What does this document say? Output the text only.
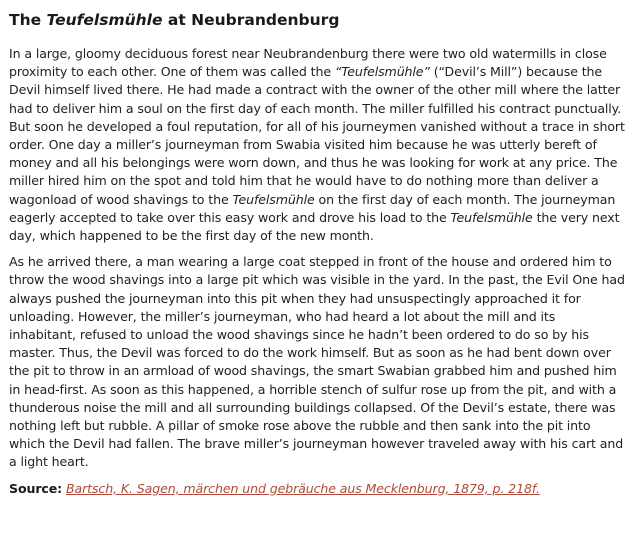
The Teufelsmühle at Neubrandenburg

In a large, gloomy deciduous forest near Neubrandenburg there were two old watermills in close proximity to each other. One of them was called the “Teufelsmühle” (“Devil’s Mill”) because the Devil himself lived there. He had made a contract with the owner of the other mill where the latter had to deliver him a soul on the first day of each month. The miller fulfilled his contract punctually. But soon he developed a foul reputation, for all of his journeymen vanished without a trace in short order. One day a miller’s journeyman from Swabia visited him because he was utterly bereft of money and all his belongings were worn down, and thus he was looking for work at any price. The miller hired him on the spot and told him that he would have to do nothing more than deliver a wagonload of wood shavings to the Teufelsmühle on the first day of each month. The journeyman eagerly accepted to take over this easy work and drove his load to the Teufelsmühle the very next day, which happened to be the first day of the new month.

As he arrived there, a man wearing a large coat stepped in front of the house and ordered him to throw the wood shavings into a large pit which was visible in the yard. In the past, the Evil One had always pushed the journeyman into this pit when they had unsuspectingly approached it for unloading. However, the miller’s journeyman, who had heard a lot about the mill and its inhabitant, refused to unload the wood shavings since he hadn’t been ordered to do so by his master. Thus, the Devil was forced to do the work himself. But as soon as he had bent down over the pit to throw in an armload of wood shavings, the smart Swabian grabbed him and pushed him in head-first. As soon as this happened, a horrible stench of sulfur rose up from the pit, and with a thunderous noise the mill and all surrounding buildings collapsed. Of the Devil’s estate, there was nothing left but rubble. A pillar of smoke rose above the rubble and then sank into the pit into which the Devil had fallen. The brave miller’s journeyman however traveled away with his cart and a light heart.

Source: Bartsch, K. Sagen, märchen und gebräuche aus Mecklenburg, 1879, p. 218f.
